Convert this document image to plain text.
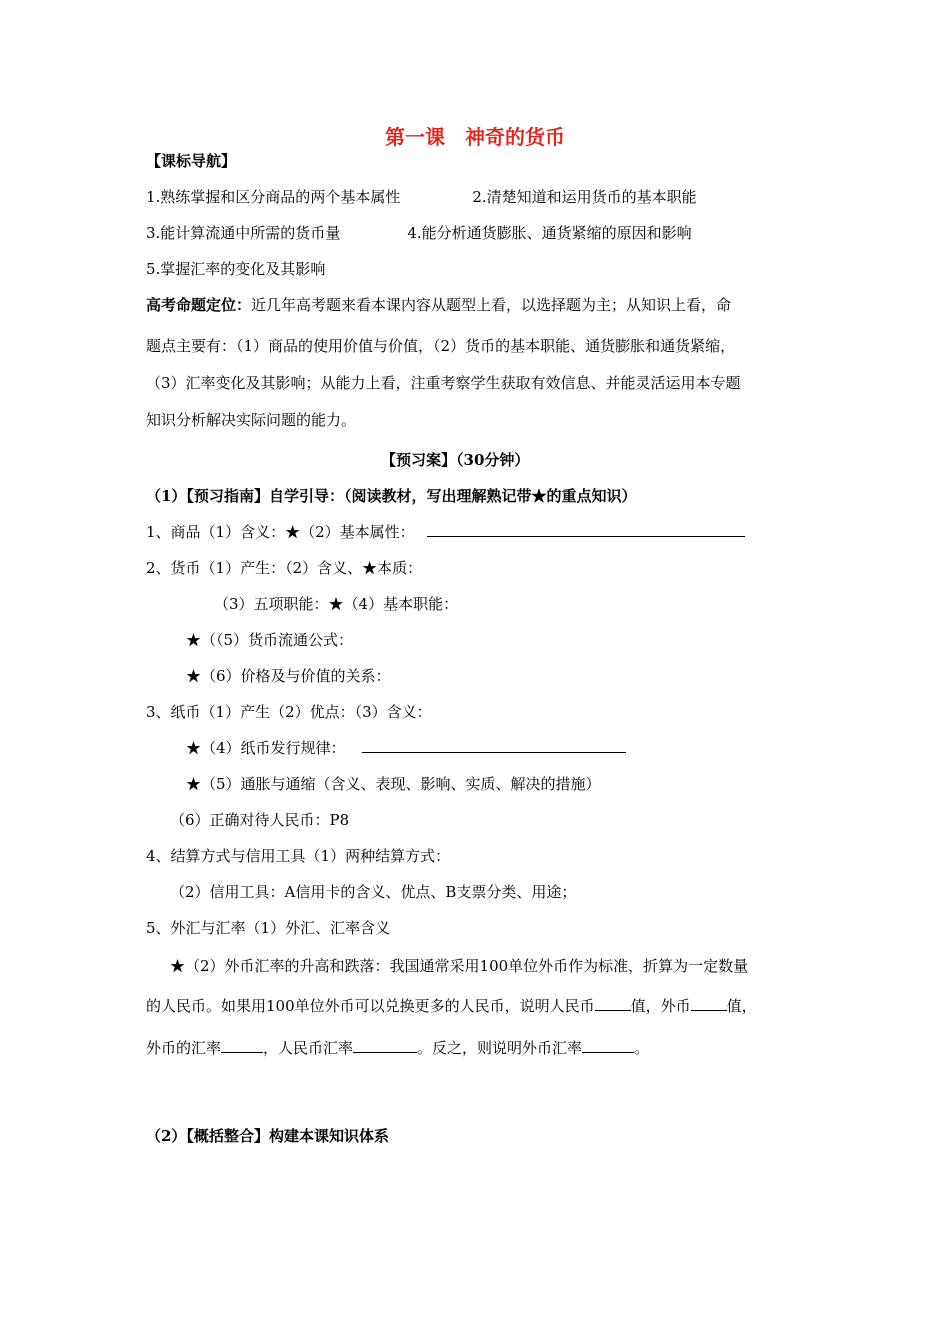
第一课　神奇的货币
【课标导航】
1.熟练掌握和区分商品的两个基本属性	2.清楚知道和运用货币的基本职能
3.能计算流通中所需的货币量	4.能分析通货膨胀、通货紧缩的原因和影响
5.掌握汇率的变化及其影响
高考命题定位：近几年高考题来看本课内容从题型上看，以选择题为主；从知识上看，命
题点主要有：（1）商品的使用价值与价值，（2）货币的基本职能、通货膨胀和通货紧缩，
（3）汇率变化及其影响；从能力上看，注重考察学生获取有效信息、并能灵活运用本专题
知识分析解决实际问题的能力。
【预习案】（30分钟）
（1）【预习指南】自学引导：（阅读教材，写出理解熟记带★的重点知识）
1、商品（1）含义：★（2）基本属性：
2、货币（1）产生：（2）含义、★本质：
（3）五项职能：★（4）基本职能：
★（（5）货币流通公式：
★（6）价格及与价值的关系：
3、纸币（1）产生（2）优点：（3）含义：
★（4）纸币发行规律：
★（5）通胀与通缩（含义、表现、影响、实质、解决的措施）
（6）正确对待人民币：P8
4、结算方式与信用工具（1）两种结算方式：
（2）信用工具：A信用卡的含义、优点、B支票分类、用途；
5、外汇与汇率（1）外汇、汇率含义
★（2）外币汇率的升高和跌落：我国通常采用100单位外币作为标准，折算为一定数量
的人民币。如果用100单位外币可以兑换更多的人民币，说明人民币 值，外币 值，
外币的汇率	，人民币汇率	。反之，则说明外币汇率	。
（2）【概括整合】构建本课知识体系
